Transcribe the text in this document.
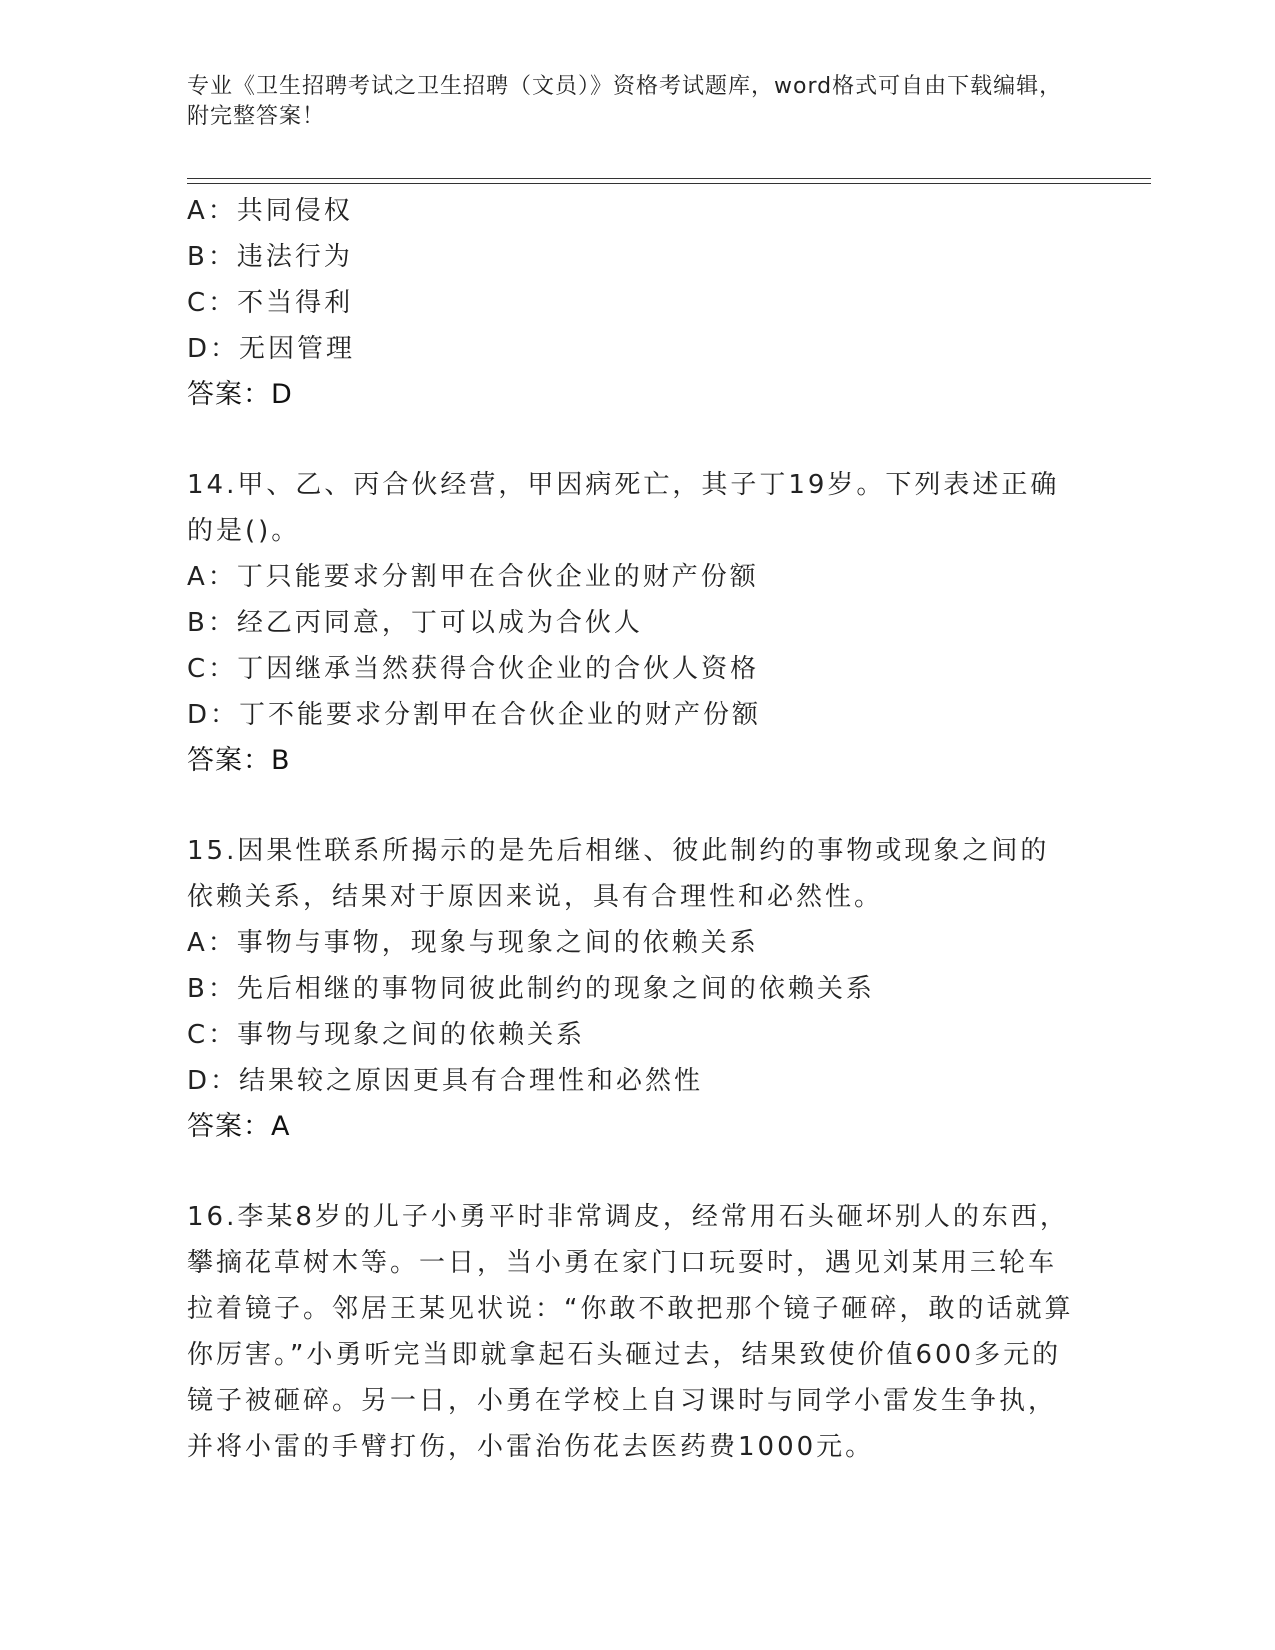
专业《卫生招聘考试之卫生招聘（文员）》资格考试题库，word格式可自由下载编辑，附完整答案！
A：共同侵权
B：违法行为
C：不当得利
D：无因管理
答案：D
14.甲、乙、丙合伙经营，甲因病死亡，其子丁19岁。下列表述正确的是()。
A：丁只能要求分割甲在合伙企业的财产份额
B：经乙丙同意，丁可以成为合伙人
C：丁因继承当然获得合伙企业的合伙人资格
D：丁不能要求分割甲在合伙企业的财产份额
答案：B
15.因果性联系所揭示的是先后相继、彼此制约的事物或现象之间的依赖关系，结果对于原因来说，具有合理性和必然性。
A：事物与事物，现象与现象之间的依赖关系
B：先后相继的事物同彼此制约的现象之间的依赖关系
C：事物与现象之间的依赖关系
D：结果较之原因更具有合理性和必然性
答案：A
16.李某8岁的儿子小勇平时非常调皮，经常用石头砸坏别人的东西，攀摘花草树木等。一日，当小勇在家门口玩耍时，遇见刘某用三轮车拉着镜子。邻居王某见状说：“你敢不敢把那个镜子砸碎，敢的话就算你厉害。”小勇听完当即就拿起石头砸过去，结果致使价值600多元的镜子被砸碎。另一日，小勇在学校上自习课时与同学小雷发生争执，并将小雷的手臂打伤，小雷治伤花去医药费1000元。
